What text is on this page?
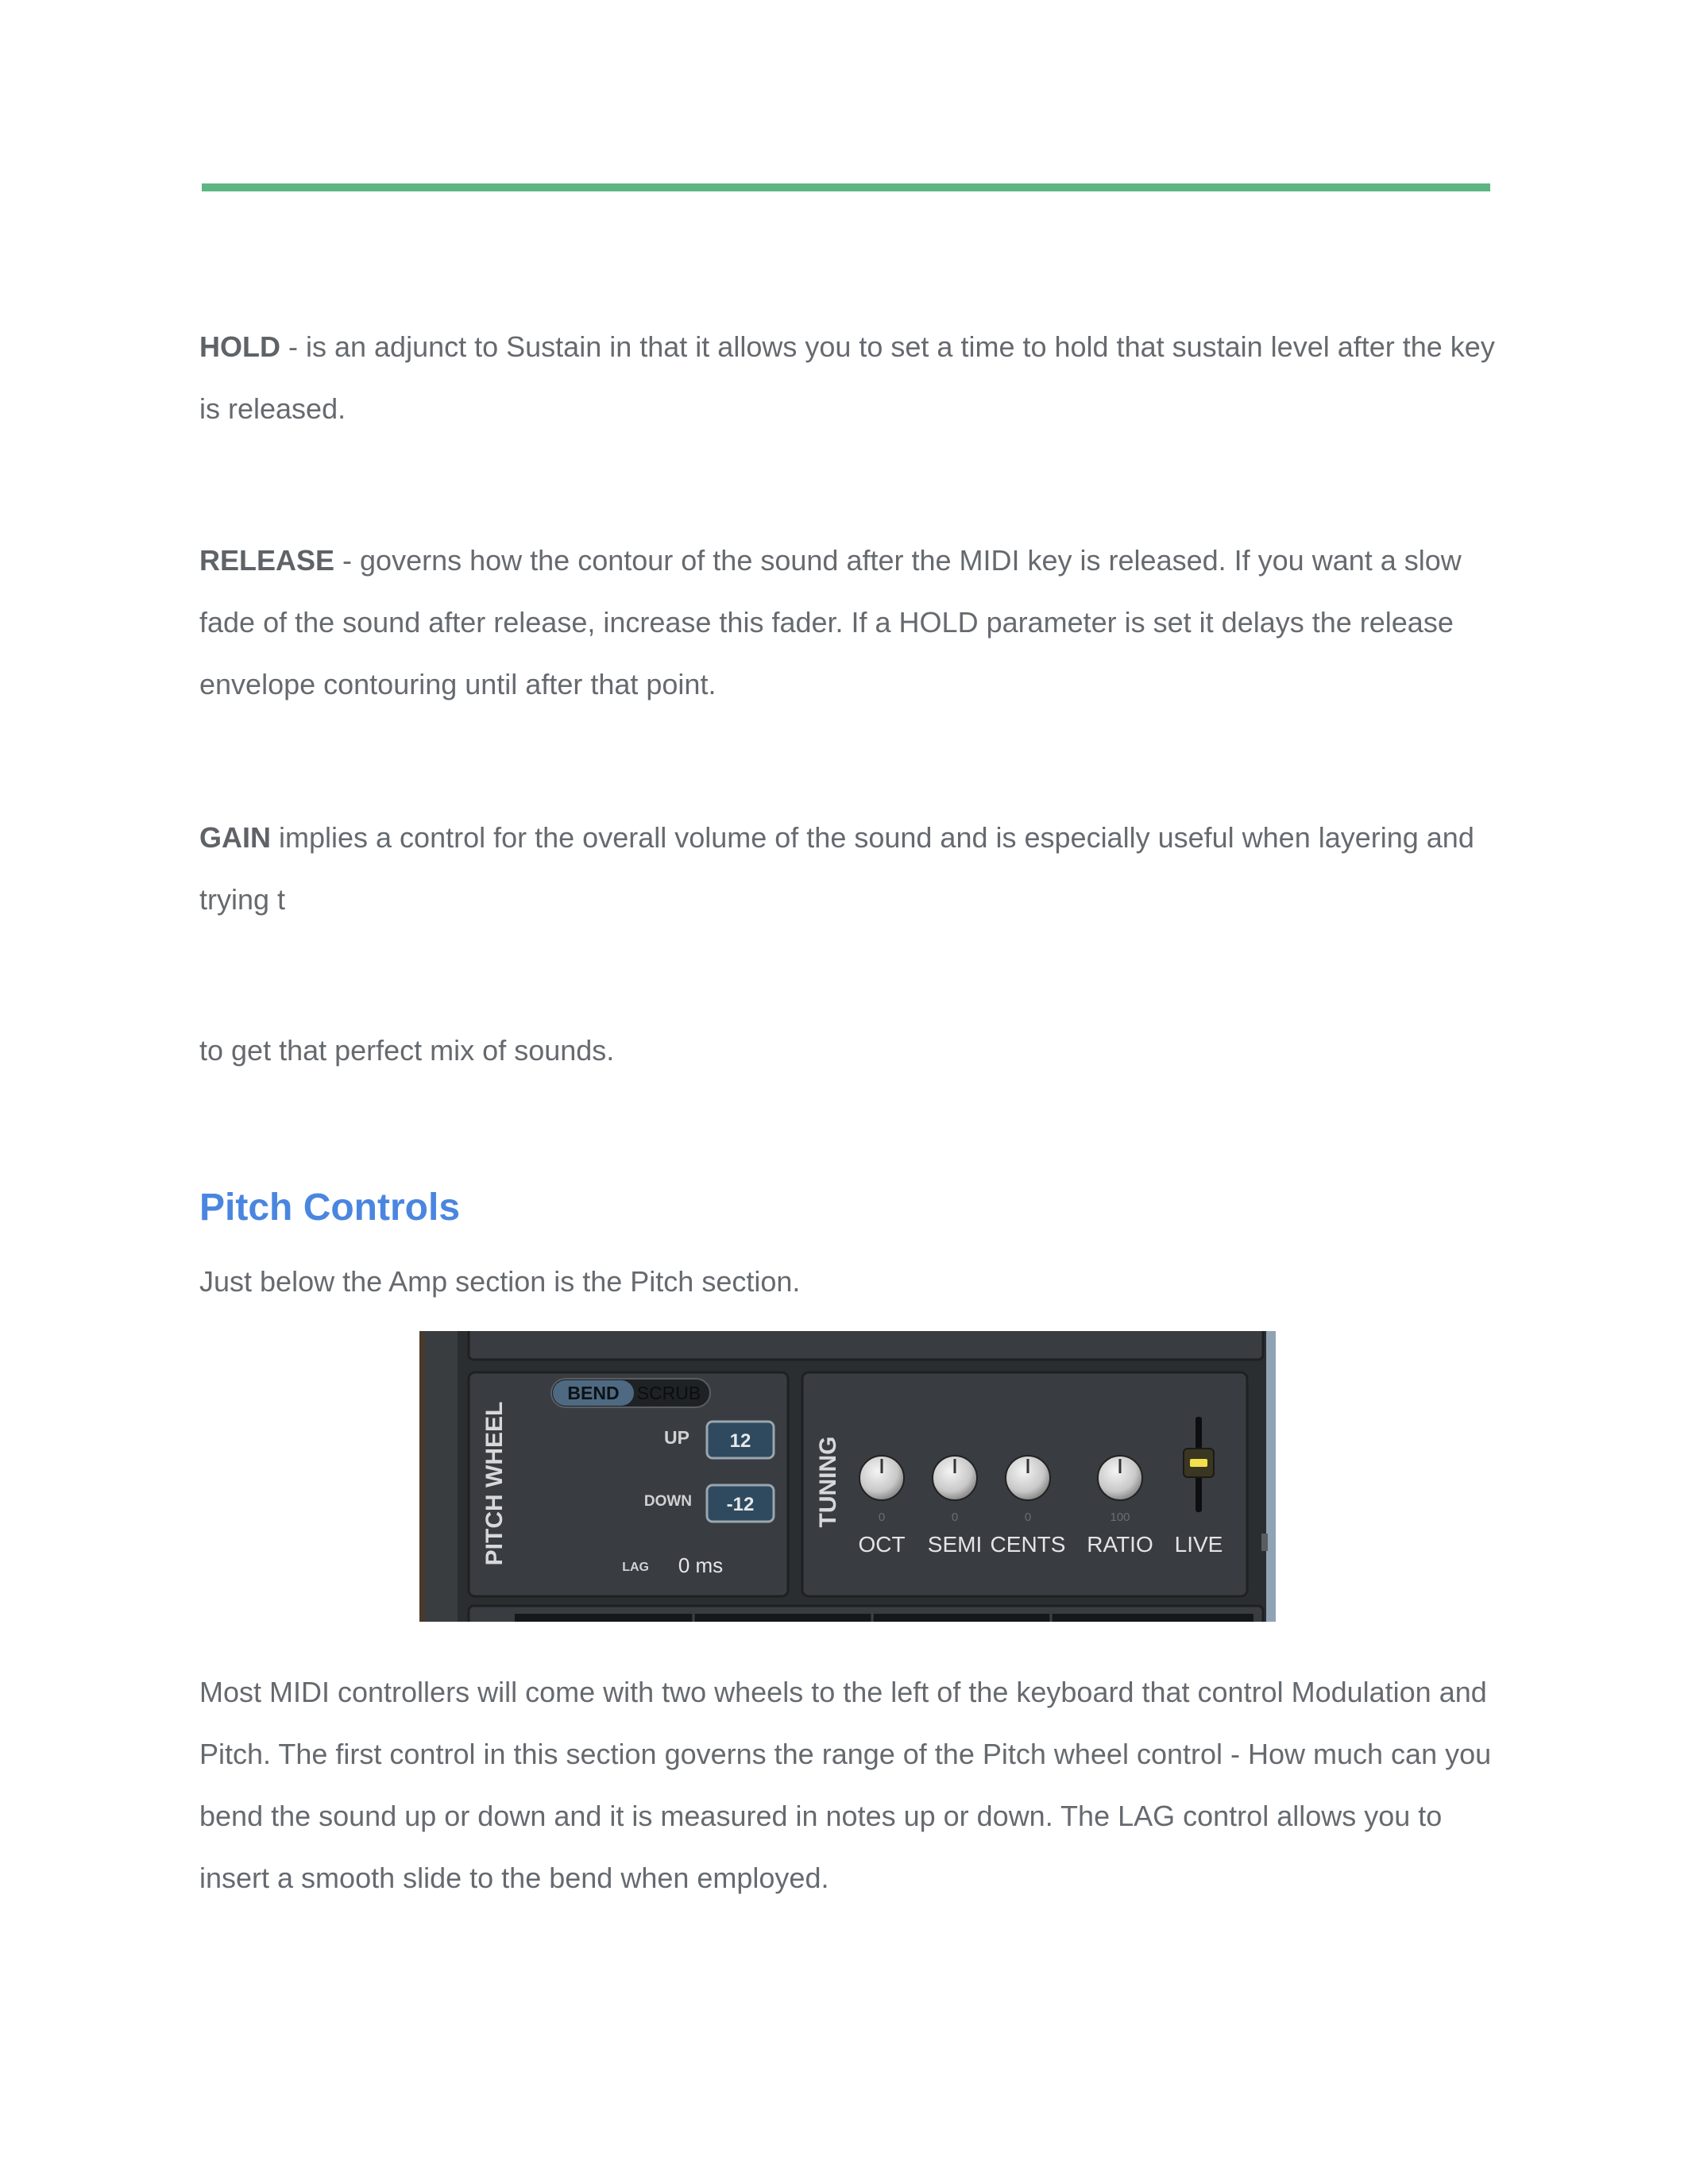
HOLD - is an adjunct to Sustain in that it allows you to set a time to hold that sustain level after the key is released.

RELEASE - governs how the contour of the sound after the MIDI key is released. If you want a slow fade of the sound after release, increase this fader. If a HOLD parameter is set it delays the release envelope contouring until after that point.

GAIN implies a control for the overall volume of the sound and is especially useful when layering and trying t

to get that perfect mix of sounds.

Pitch Controls

Just below the Amp section is the Pitch section.

PITCH WHEEL
BEND SCRUB
UP 12
DOWN -12
LAG 0 ms
TUNING	0
OCT
0
SEMI
0
CENTS
100
RATIO LIVE

Most MIDI controllers will come with two wheels to the left of the keyboard that control Modulation and Pitch. The first control in this section governs the range of the Pitch wheel control - How much can you bend the sound up or down and it is measured in notes up or down. The LAG control allows you to insert a smooth slide to the bend when employed.
